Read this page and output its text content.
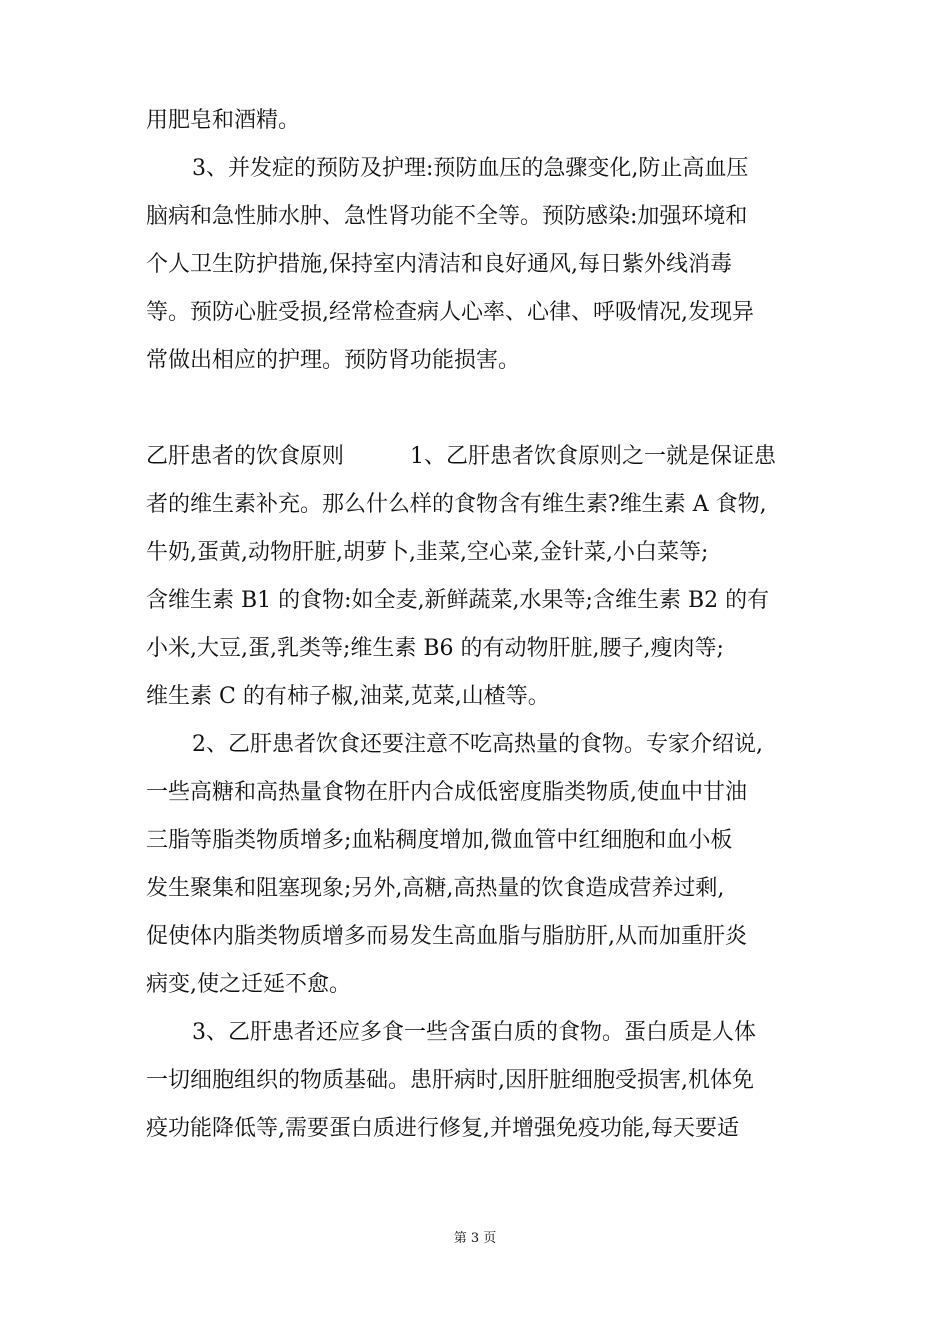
用肥皂和酒精。
3、并发症的预防及护理:预防血压的急骤变化,防止高血压
脑病和急性肺水肿、急性肾功能不全等。预防感染:加强环境和
个人卫生防护措施,保持室内清洁和良好通风,每日紫外线消毒
等。预防心脏受损,经常检查病人心率、心律、呼吸情况,发现异
常做出相应的护理。预防肾功能损害。
乙肝患者的饮食原则　　　1、乙肝患者饮食原则之一就是保证患
者的维生素补充。那么什么样的食物含有维生素?维生素 A 食物,
牛奶,蛋黄,动物肝脏,胡萝卜,韭菜,空心菜,金针菜,小白菜等;
含维生素 B1 的食物:如全麦,新鲜蔬菜,水果等;含维生素 B2 的有
小米,大豆,蛋,乳类等;维生素 B6 的有动物肝脏,腰子,瘦肉等;
维生素 C 的有柿子椒,油菜,苋菜,山楂等。
2、乙肝患者饮食还要注意不吃高热量的食物。专家介绍说,
一些高糖和高热量食物在肝内合成低密度脂类物质,使血中甘油
三脂等脂类物质增多;血粘稠度增加,微血管中红细胞和血小板
发生聚集和阻塞现象;另外,高糖,高热量的饮食造成营养过剩,
促使体内脂类物质增多而易发生高血脂与脂肪肝,从而加重肝炎
病变,使之迁延不愈。
3、乙肝患者还应多食一些含蛋白质的食物。蛋白质是人体
一切细胞组织的物质基础。患肝病时,因肝脏细胞受损害,机体免
疫功能降低等,需要蛋白质进行修复,并增强免疫功能,每天要适
第 3 页
